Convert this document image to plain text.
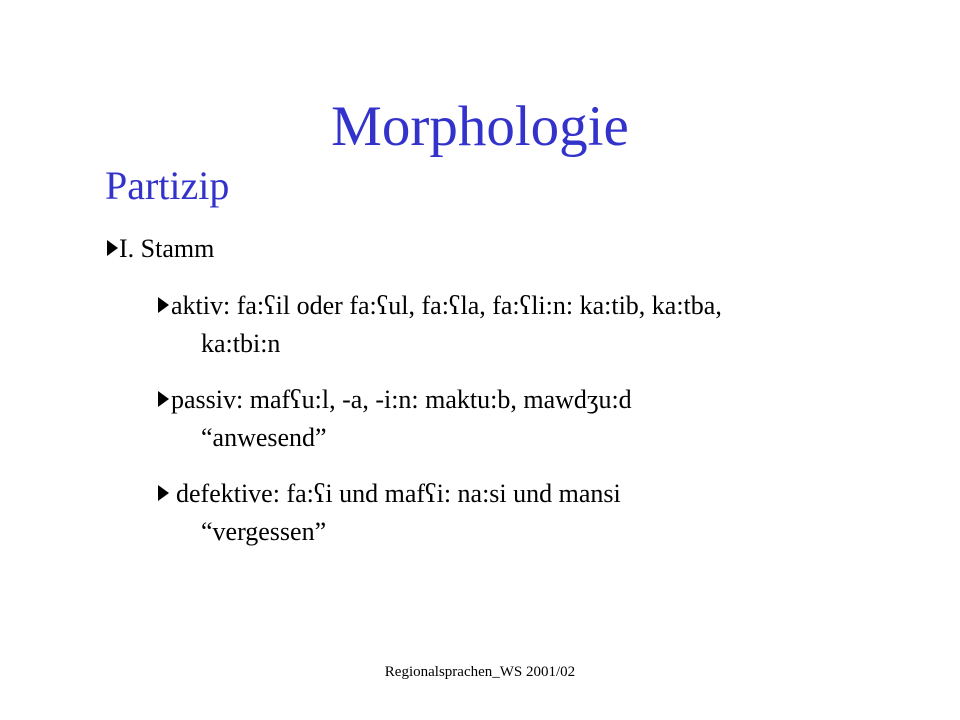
Morphologie
Partizip
I. Stamm
aktiv: fa:ʕil oder fa:ʕul, fa:ʕla, fa:ʕli:n: ka:tib, ka:tba,
ka:tbi:n
passiv: mafʕu:l, -a, -i:n: maktu:b, mawdʒu:d
“anwesend”
defektive: fa:ʕi und mafʕi: na:si und mansi
“vergessen”
Regionalsprachen_WS 2001/02
